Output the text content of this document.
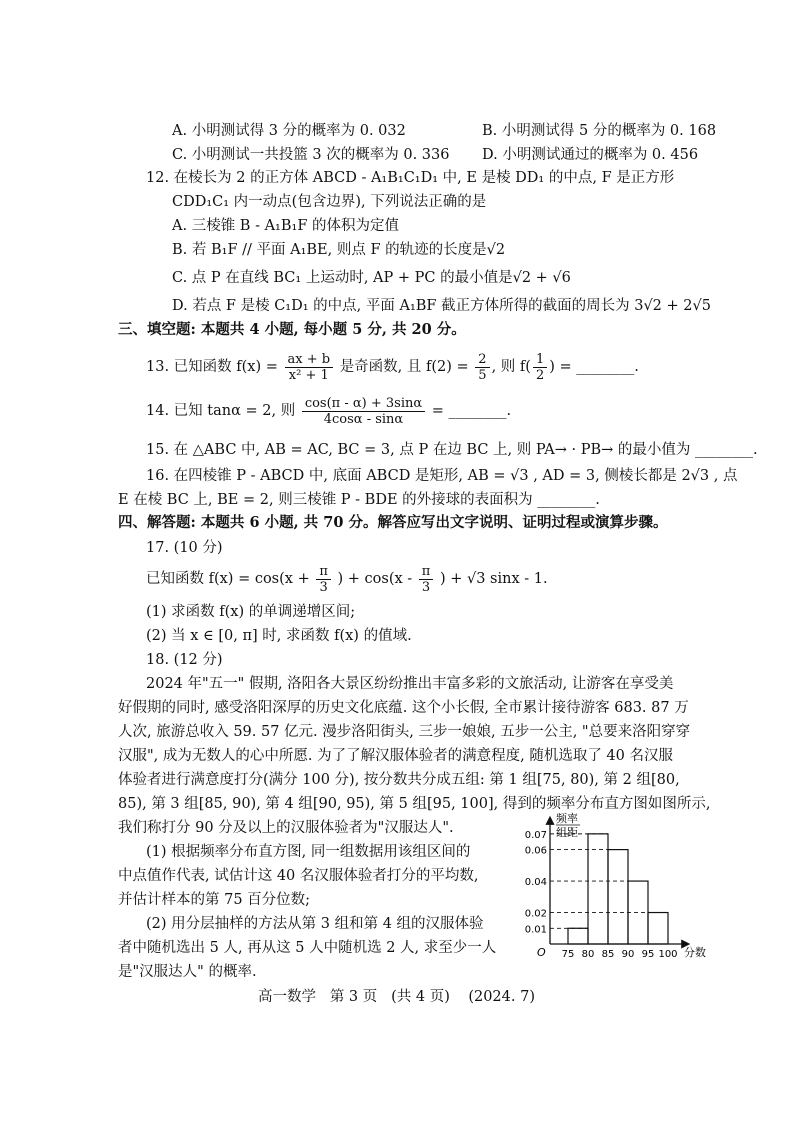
A. 小明测试得 3 分的概率为 0. 032	B. 小明测试得 5 分的概率为 0. 168
C. 小明测试一共投篮 3 次的概率为 0. 336 D. 小明测试通过的概率为 0. 456
12. 在棱长为 2 的正方体 ABCD - A₁B₁C₁D₁ 中, E 是棱 DD₁ 的中点, F 是正方形
CDD₁C₁ 内一动点(包含边界), 下列说法正确的是
A. 三棱锥 B - A₁B₁F 的体积为定值
B. 若 B₁F // 平面 A₁BE, 则点 F 的轨迹的长度是√2
C. 点 P 在直线 BC₁ 上运动时, AP + PC 的最小值是√2 + √6
D. 若点 F 是棱 C₁D₁ 的中点, 平面 A₁BF 截正方体所得的截面的周长为 3√2 + 2√5
三、填空题: 本题共 4 小题, 每小题 5 分, 共 20 分。
13. 已知函数 $f(x) = \frac{ax + b}{\text{x² + 1}}$ 是奇函数, 且 $f(2) = \frac{2}{5}$ , 则 $f( \frac{1}{2}$ ) = ________.
14. 已知 tanα = 2, 则 $\frac{\cos(\pi - \alpha) + 3\sin\alpha}{4\cos\alpha - \sin\alpha}$ = ________.
15. 在 △ABC 中, AB = AC, BC = 3, 点 P 在边 BC 上, 则 PA→ · PB→ 的最小值为 ________.
16. 在四棱锥 P - ABCD 中, 底面 ABCD 是矩形, AB = √3 , AD = 3, 侧棱长都是 2√3 , 点
E 在棱 BC 上, BE = 2, 则三棱锥 P - BDE 的外接球的表面积为 ________.
四、解答题: 本题共 6 小题, 共 70 分。解答应写出文字说明、证明过程或演算步骤。
17. (10 分)
已知函数 $f(x) = \cos(x + \frac{\pi}{3}$ ) + $\cos(x - \frac{\pi}{3}$ ) + √3 sinx - 1.
(1) 求函数 f(x) 的单调递增区间;
(2) 当 x ∈ [0, π] 时, 求函数 f(x) 的值域.
18. (12 分)
2024 年"五一" 假期, 洛阳各大景区纷纷推出丰富多彩的文旅活动, 让游客在享受美
好假期的同时, 感受洛阳深厚的历史文化底蕴. 这个小长假, 全市累计接待游客 683. 87 万
人次, 旅游总收入 59. 57 亿元. 漫步洛阳街头, 三步一娘娘, 五步一公主, "总要来洛阳穿穿
汉服", 成为无数人的心中所愿. 为了了解汉服体验者的满意程度, 随机选取了 40 名汉服
体验者进行满意度打分(满分 100 分), 按分数共分成五组: 第 1 组[75, 80), 第 2 组[80,
85), 第 3 组[85, 90), 第 4 组[90, 95), 第 5 组[95, 100], 得到的频率分布直方图如图所示,
我们称打分 90 分及以上的汉服体验者为"汉服达人".
(1) 根据频率分布直方图, 同一组数据用该组区间的
中点值作代表, 试估计这 40 名汉服体验者打分的平均数,
并估计样本的第 75 百分位数;
(2) 用分层抽样的方法从第 3 组和第 4 组的汉服体验
者中随机选出 5 人, 再从这 5 人中随机选 2 人, 求至少一人
是"汉服达人" 的概率.
频率
组距
O
0.07
0.06
0.04
0.02
0.01
75 80 85 90 95 100 分数
高一数学 第 3 页 (共 4 页) (2024. 7)
